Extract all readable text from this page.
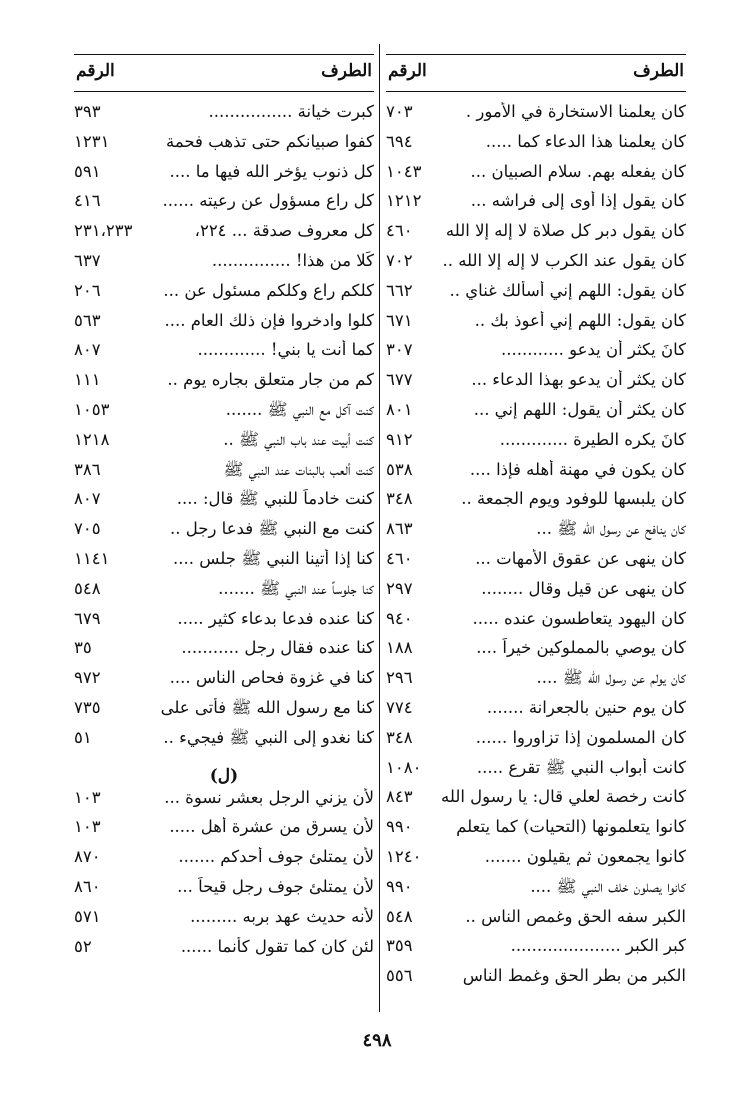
الطرف
الرقم
كان يعلمنا الاستخارة في الأمور .
٧٠٣
كان يعلمنا هذا الدعاء كما .....
٦٩٤
كان يفعله بهم. سلام الصبيان ...
١٠٤٣
كان يقول إذا أوى إلى فراشه ...
١٢١٢
كان يقول دبر كل صلاة لا إله إلا الله
٤٦٠
كان يقول عند الكرب لا إله إلا الله ..
٧٠٢
كان يقول: اللهم إني أسألك غناي ..
٦٦٢
كان يقول: اللهم إني أعوذ بك ..
٦٧١
كانَ يكثر أن يدعو ............
٣٠٧
كان يكثر أن يدعو بهذا الدعاء ...
٦٧٧
كان يكثر أن يقول: اللهم إني ...
٨٠١
كانَ يكره الطيرة .............
٩١٢
كان يكون في مهنة أهله فإذا ....
٥٣٨
كان يلبسها للوفود ويوم الجمعة ..
٣٤٨
كان ينافح عن رسول الله ﷺ ...
٨٦٣
كان ينهى عن عقوق الأمهات ...
٤٦٠
كان ينهى عن قيل وقال ........
٢٩٧
كان اليهود يتعاطسون عنده .....
٩٤٠
كان يوصي بالمملوكين خيراً ....
١٨٨
كان يولم عن رسول الله ﷺ ....
٢٩٦
كان يوم حنين بالجعرانة .......
٧٧٤
كان المسلمون إذا تزاوروا ......
٣٤٨
كانت أبواب النبي ﷺ تقرع .....
١٠٨٠
كانت رخصة لعلي قال: يا رسول الله
٨٤٣
كانوا يتعلمونها (التحيات) كما يتعلم
٩٩٠
كانوا يجمعون ثم يقيلون .......
١٢٤٠
كانوا يصلون خلف النبي ﷺ ....
٩٩٠
الكبر سفه الحق وغمص الناس ..
٥٤٨
كبر الكبر .....................
٣٥٩
الكبر من بطر الحق وغمط الناس
٥٥٦
الطرف
الرقم
كبرت خيانة ................
٣٩٣
كفوا صبيانكم حتى تذهب فحمة
١٢٣١
كل ذنوب يؤخر الله فيها ما ....
٥٩١
كل راع مسؤول عن رعيته ......
٤١٦
كل معروف صدقة ... ٢٢٤،
٢٣١،٢٣٣
كَلا من هذا! ...............
٦٣٧
كلكم راع وكلكم مسئول عن ...
٢٠٦
كلوا وادخروا فإن ذلك العام ....
٥٦٣
كما أنت يا بني! .............
٨٠٧
كم من جار متعلق بجاره يوم ..
١١١
كنت آكل مع النبي ﷺ .......
١٠٥٣
كنت أبيت عند باب النبي ﷺ ..
١٢١٨
كنت ألعب بالبنات عند النبي ﷺ
٣٨٦
كنت خادماً للنبي ﷺ قال: ....
٨٠٧
كنت مع النبي ﷺ فدعا رجل ..
٧٠٥
كنا إذا أتينا النبي ﷺ جلس ....
١١٤١
كنا جلوساً عند النبي ﷺ .......
٥٤٨
كنا عنده فدعا بدعاء كثير .....
٦٧٩
كنا عنده فقال رجل ...........
٣٥
كنا في غزوة فحاص الناس ....
٩٧٢
كنا مع رسول الله ﷺ فأتى على
٧٣٥
كنا نغدو إلى النبي ﷺ فيجيء ..
٥١
(ل)
لأن يزني الرجل بعشر نسوة ...
١٠٣
لأن يسرق من عشرة أهل .....
١٠٣
لأن يمتلئ جوف أحدكم .......
٨٧٠
لأن يمتلئ جوف رجلٍ قيحاً ...
٨٦٠
لأنه حديث عهد بربه .........
٥٧١
لئن كان كما تقول كأنما ......
٥٢
٤٩٨
